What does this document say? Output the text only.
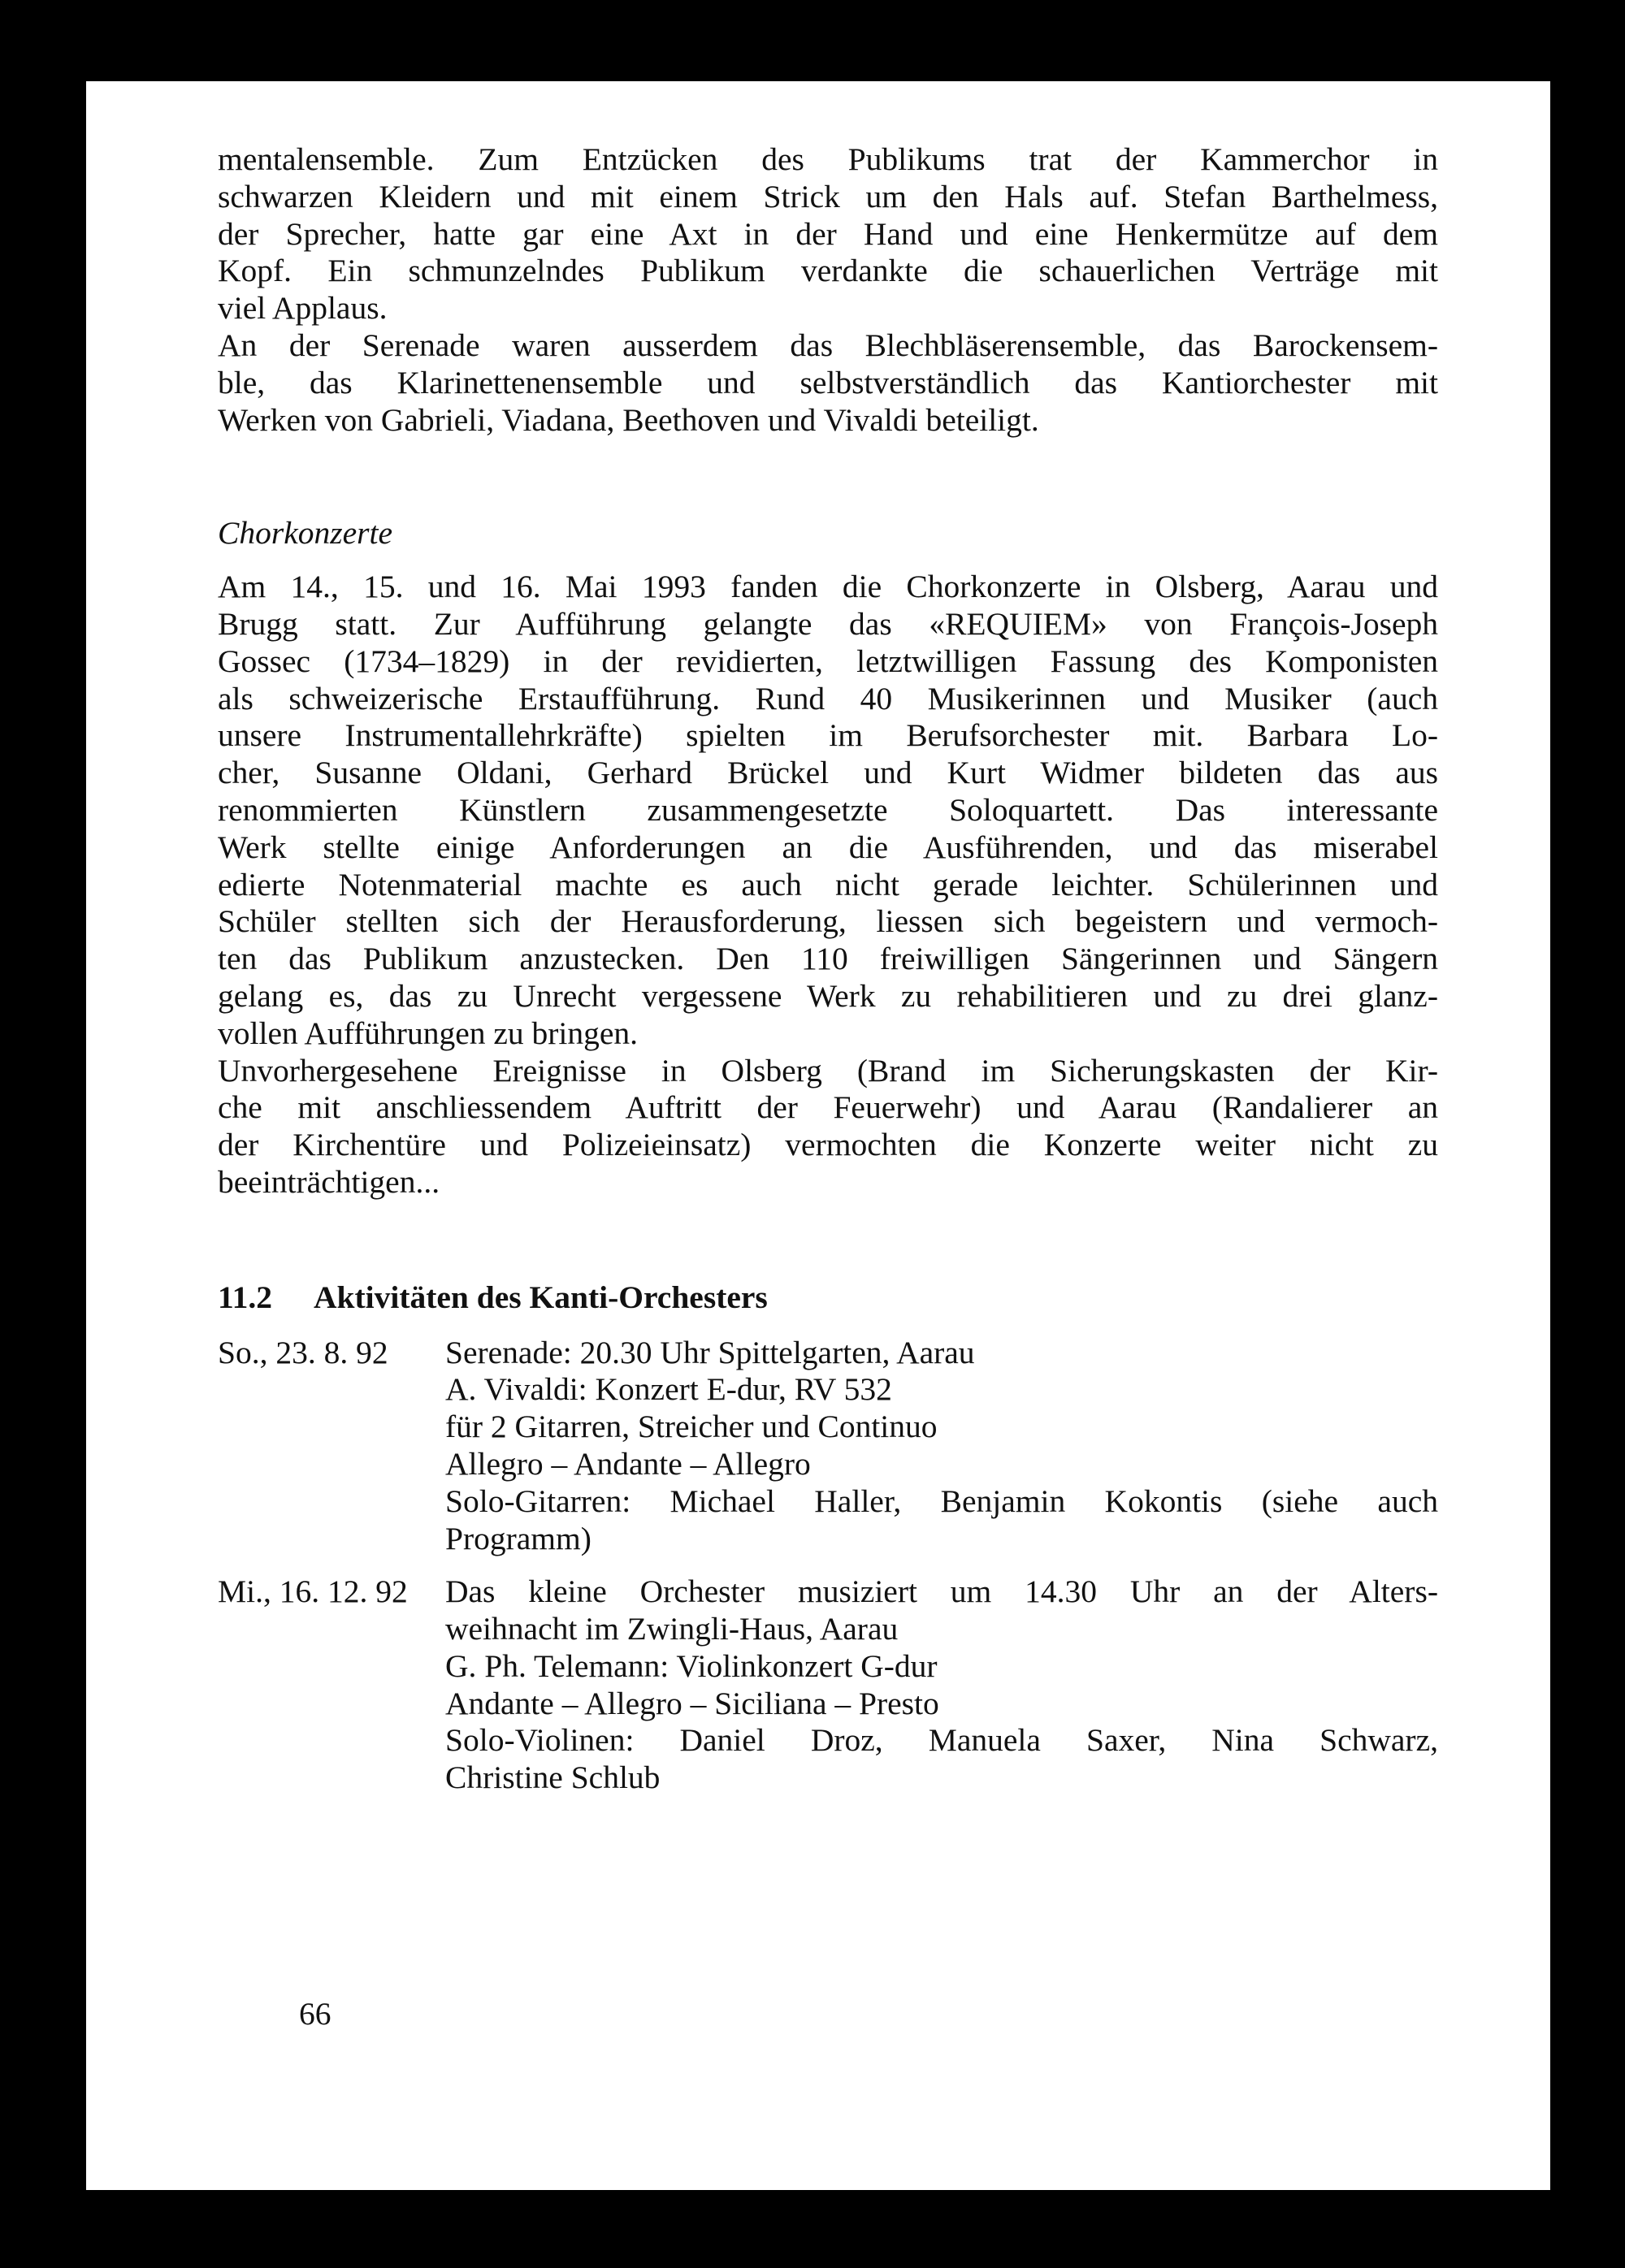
mentalensemble. Zum Entzücken des Publikums trat der Kammerchor in
schwarzen Kleidern und mit einem Strick um den Hals auf. Stefan Barthelmess,
der Sprecher, hatte gar eine Axt in der Hand und eine Henkermütze auf dem
Kopf. Ein schmunzelndes Publikum verdankte die schauerlichen Verträge mit
viel Applaus.

An der Serenade waren ausserdem das Blechbläserensemble, das Barockensem-
ble, das Klarinettenensemble und selbstverständlich das Kantiorchester mit
Werken von Gabrieli, Viadana, Beethoven und Vivaldi beteiligt.

Chorkonzerte

Am 14., 15. und 16. Mai 1993 fanden die Chorkonzerte in Olsberg, Aarau und
Brugg statt. Zur Aufführung gelangte das «REQUIEM» von François-Joseph
Gossec (1734–1829) in der revidierten, letztwilligen Fassung des Komponisten
als schweizerische Erstaufführung. Rund 40 Musikerinnen und Musiker (auch
unsere Instrumentallehrkräfte) spielten im Berufsorchester mit. Barbara Lo-
cher, Susanne Oldani, Gerhard Brückel und Kurt Widmer bildeten das aus
renommierten Künstlern zusammengesetzte Soloquartett. Das interessante
Werk stellte einige Anforderungen an die Ausführenden, und das miserabel
edierte Notenmaterial machte es auch nicht gerade leichter. Schülerinnen und
Schüler stellten sich der Herausforderung, liessen sich begeistern und vermoch-
ten das Publikum anzustecken. Den 110 freiwilligen Sängerinnen und Sängern
gelang es, das zu Unrecht vergessene Werk zu rehabilitieren und zu drei glanz-
vollen Aufführungen zu bringen.

Unvorhergesehene Ereignisse in Olsberg (Brand im Sicherungskasten der Kir-
che mit anschliessendem Auftritt der Feuerwehr) und Aarau (Randalierer an
der Kirchentüre und Polizeieinsatz) vermochten die Konzerte weiter nicht zu
beeinträchtigen...

11.2	Aktivitäten des Kanti-Orchesters
So., 23. 8. 92	Serenade: 20.30 Uhr Spittelgarten, Aarau
A. Vivaldi: Konzert E-dur, RV 532
für 2 Gitarren, Streicher und Continuo
Allegro – Andante – Allegro
Solo-Gitarren: Michael Haller, Benjamin Kokontis (siehe auch
Programm)
Mi., 16. 12. 92	Das kleine Orchester musiziert um 14.30 Uhr an der Alters-
weihnacht im Zwingli-Haus, Aarau
G. Ph. Telemann: Violinkonzert G-dur
Andante – Allegro – Siciliana – Presto
Solo-Violinen: Daniel Droz, Manuela Saxer, Nina Schwarz,
Christine Schlub
66
